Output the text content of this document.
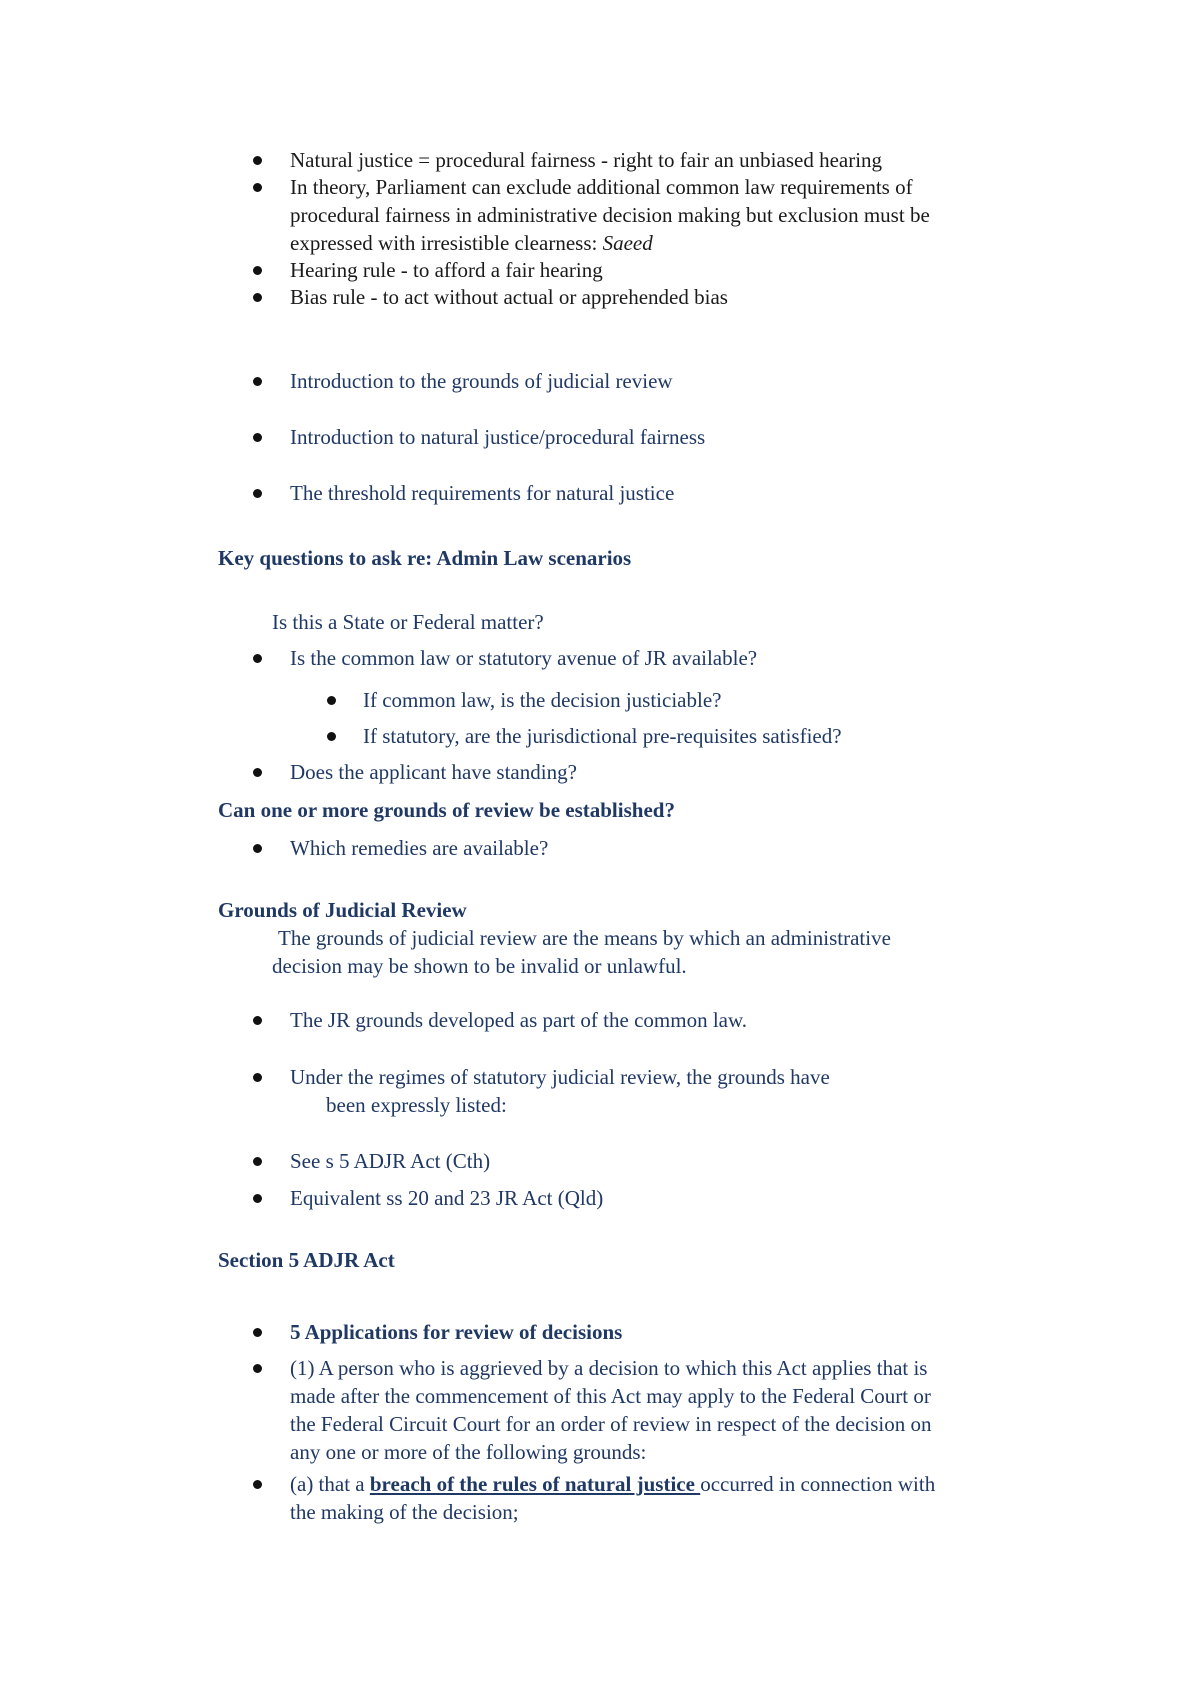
Natural justice = procedural fairness - right to fair an unbiased hearing
In theory, Parliament can exclude additional common law requirements of
procedural fairness in administrative decision making but exclusion must be
expressed with irresistible clearness: Saeed
Hearing rule - to afford a fair hearing
Bias rule - to act without actual or apprehended bias
Introduction to the grounds of judicial review
Introduction to natural justice/procedural fairness
The threshold requirements for natural justice
Key questions to ask re: Admin Law scenarios
Is this a State or Federal matter?
Is the common law or statutory avenue of JR available?
If common law, is the decision justiciable?
If statutory, are the jurisdictional pre-requisites satisfied?
Does the applicant have standing?
Can one or more grounds of review be established?
Which remedies are available?
Grounds of Judicial Review
The grounds of judicial review are the means by which an administrative
decision may be shown to be invalid or unlawful.
The JR grounds developed as part of the common law.
Under the regimes of statutory judicial review, the grounds have
been expressly listed:
See s 5 ADJR Act (Cth)
Equivalent ss 20 and 23 JR Act (Qld)
Section 5 ADJR Act
5 Applications for review of decisions
(1) A person who is aggrieved by a decision to which this Act applies that is
made after the commencement of this Act may apply to the Federal Court or
the Federal Circuit Court for an order of review in respect of the decision on
any one or more of the following grounds:
(a) that a breach of the rules of natural justice occurred in connection with
the making of the decision;
